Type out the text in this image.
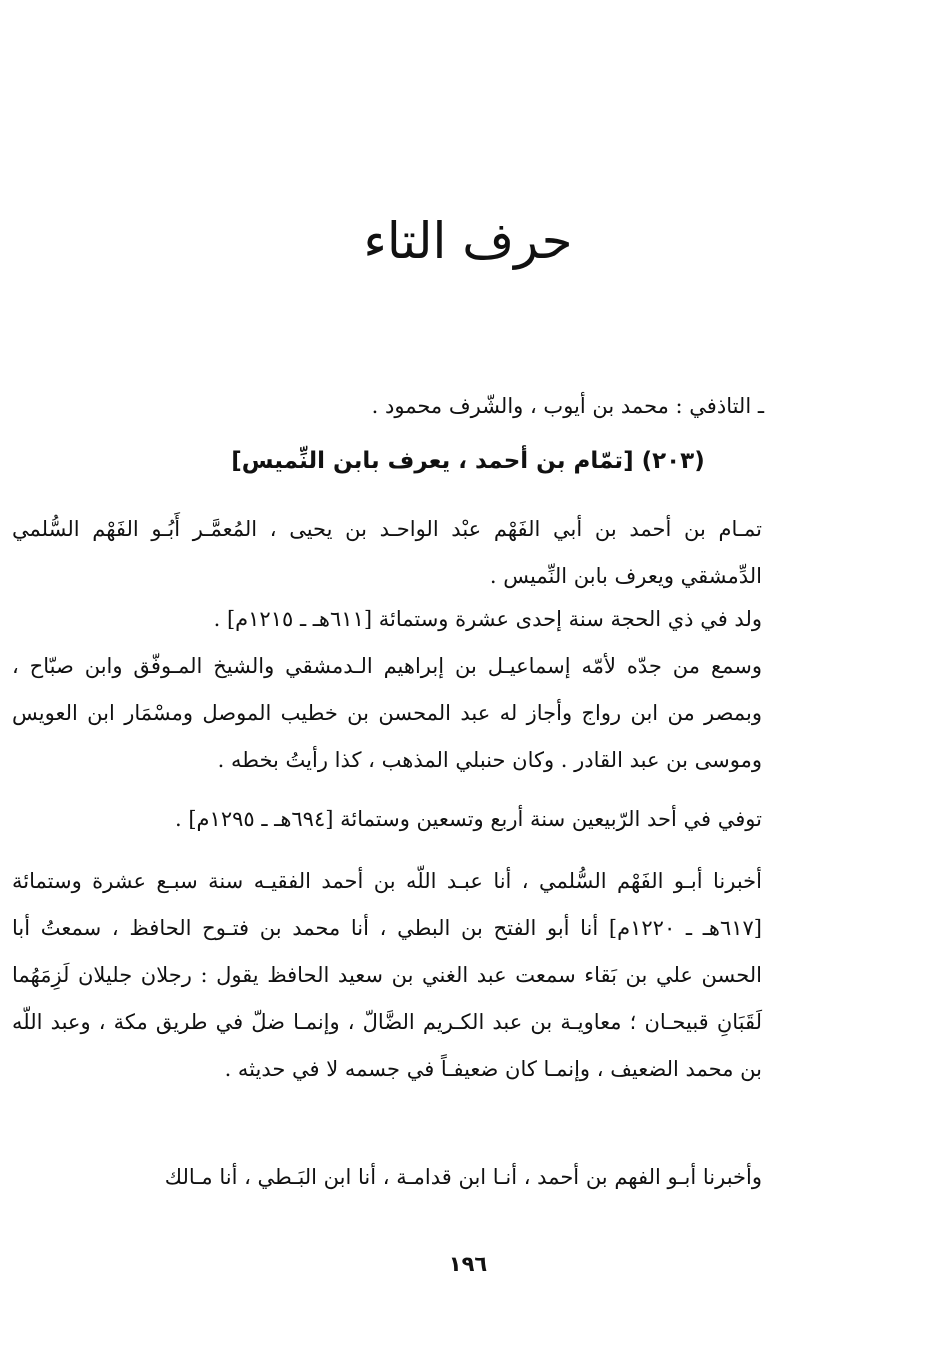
حرف التاء
ـ التاذفي : محمد بن أيوب ، والشّرف محمود .
(٢٠٣) [تمّام بن أحمد ، يعرف بابن النِّميس]
تمـام بن أحمد بن أبي الفَهْم عبْد الواحـد بن يحيى ، المُعمَّـر أَبُـو الفَهْم السُّلمي الدِّمشقي ويعرف بابن النِّميس .
ولد في ذي الحجة سنة إحدى عشرة وستمائة [٦١١هـ ـ ١٢١٥م] .
وسمع من جدّه لأمّه إسماعيـل بن إبراهيم الـدمشقي والشيخ المـوفّق وابن صبّاح ، وبمصر من ابن رواج وأجاز له عبد المحسن بن خطيب الموصل ومسْمَار ابن العويس وموسى بن عبد القادر . وكان حنبلي المذهب ، كذا رأيتُ بخطه .
توفي في أحد الرّبيعين سنة أربع وتسعين وستمائة [٦٩٤هـ ـ ١٢٩٥م] .
أخبرنا أبـو الفَهْم السُّلمي ، أنا عبـد اللّه بن أحمد الفقيـه سنة سبـع عشرة وستمائة [٦١٧هـ ـ ١٢٢٠م] أنا أبو الفتح بن البطي ، أنا محمد بن فتـوح الحافظ ، سمعتُ أبا الحسن علي بن بَقاء سمعت عبد الغني بن سعيد الحافظ يقول : رجلان جليلان لَزِمَهُما لَقَبَانِ قبيحـان ؛ معاويـة بن عبد الكـريم الضَّالّ ، وإنمـا ضلّ في طريق مكة ، وعبد اللّه بن محمد الضعيف ، وإنمـا كان ضعيفـاً في جسمه لا في حديثه .
وأخبرنا أبـو الفهم بن أحمد ، أنـا ابن قدامـة ، أنا ابن البَـطي ، أنا مـالك
١٩٦
